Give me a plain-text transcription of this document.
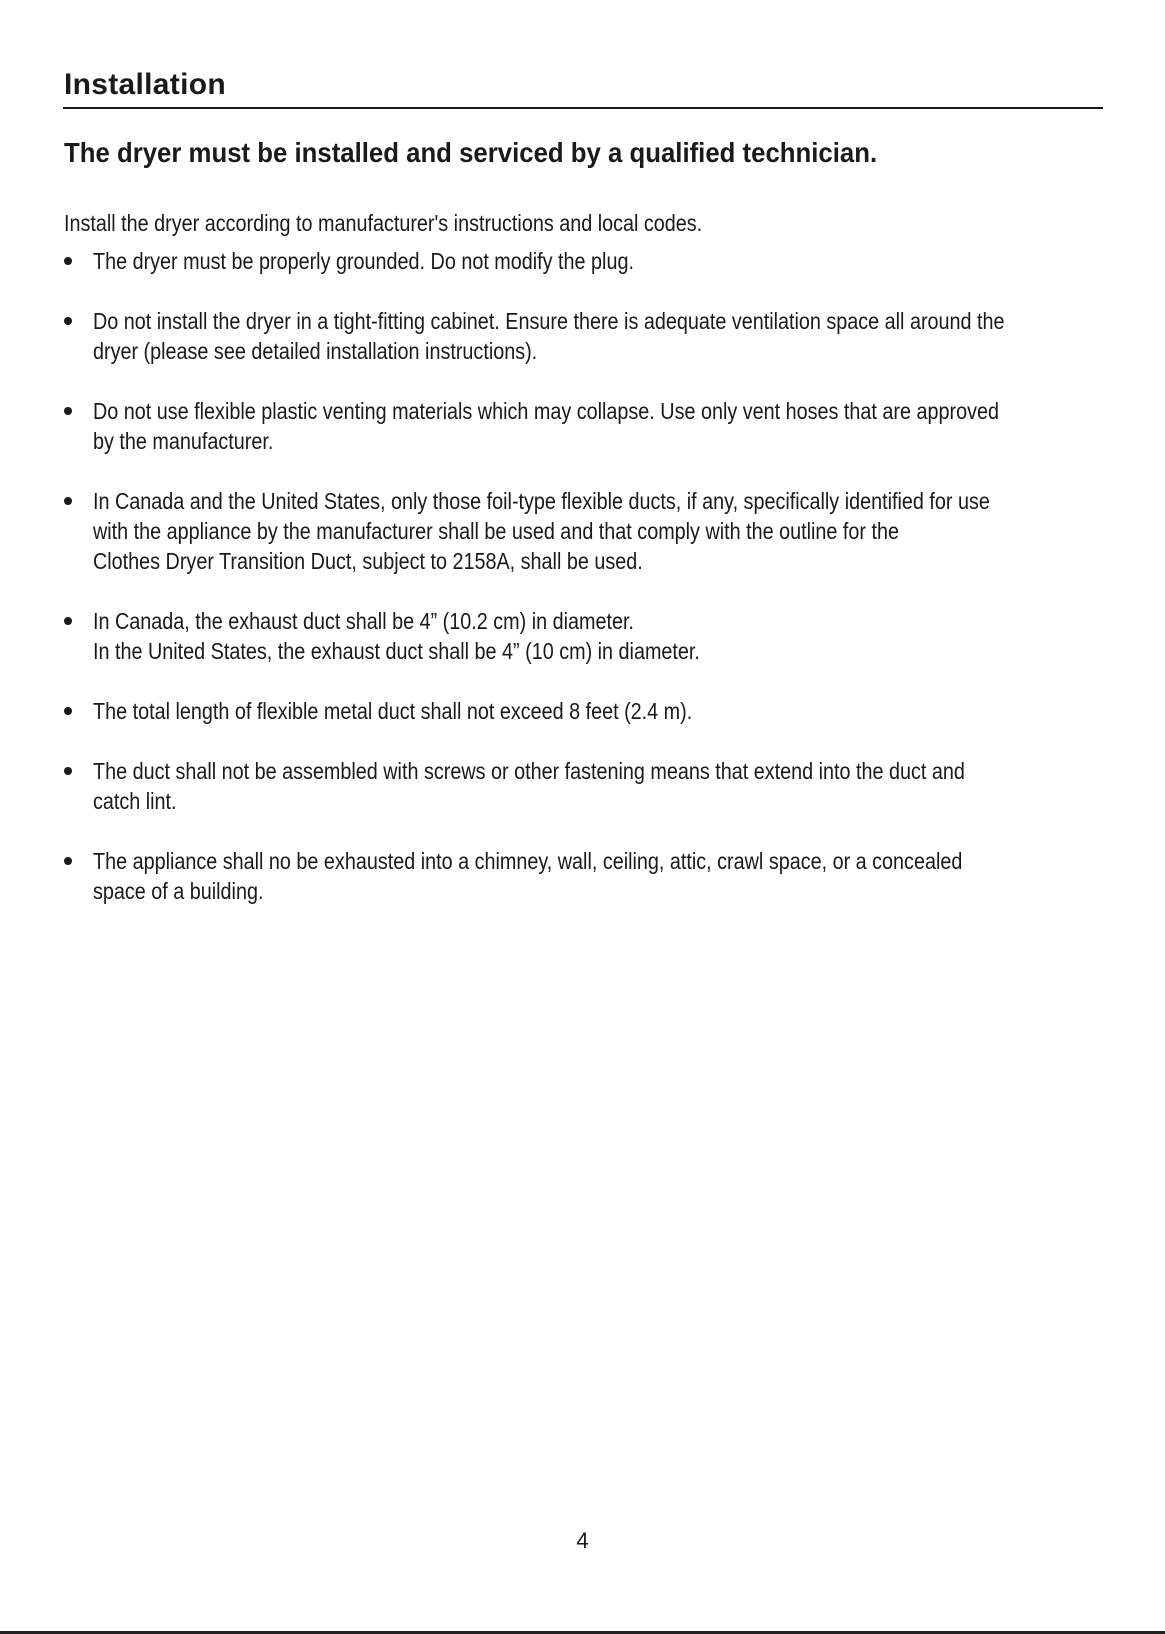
Installation
The dryer must be installed and serviced by a qualified technician.

Install the dryer according to manufacturer's instructions and local codes.

The dryer must be properly grounded. Do not modify the plug.
Do not install the dryer in a tight-fitting cabinet. Ensure there is adequate ventilation space all around the
dryer (please see detailed installation instructions).
Do not use flexible plastic venting materials which may collapse. Use only vent hoses that are approved
by the manufacturer.
In Canada and the United States, only those foil-type flexible ducts, if any, specifically identified for use
with the appliance by the manufacturer shall be used and that comply with the outline for the
Clothes Dryer Transition Duct, subject to 2158A, shall be used.
In Canada, the exhaust duct shall be 4” (10.2 cm) in diameter.
In the United States, the exhaust duct shall be 4” (10 cm) in diameter.
The total length of flexible metal duct shall not exceed 8 feet (2.4 m).
The duct shall not be assembled with screws or other fastening means that extend into the duct and
catch lint.
The appliance shall no be exhausted into a chimney, wall, ceiling, attic, crawl space, or a concealed
space of a building.
4
